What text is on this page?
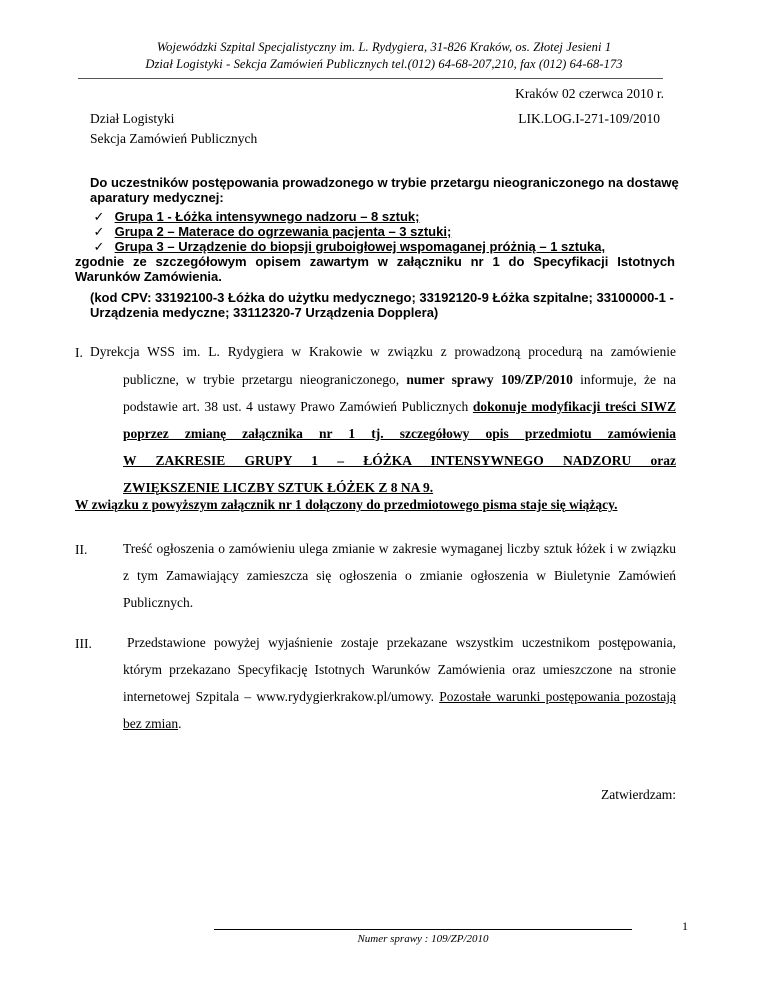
Wojewódzki Szpital Specjalistyczny im. L. Rydygiera, 31-826 Kraków, os. Złotej Jesieni 1
Dział Logistyki - Sekcja Zamówień Publicznych tel.(012) 64-68-207,210, fax (012) 64-68-173
Kraków 02 czerwca 2010 r.
Dział Logistyki	LIK.LOG.I-271-109/2010
Sekcja Zamówień Publicznych
Do uczestników postępowania prowadzonego w trybie przetargu nieograniczonego na dostawę
aparatury medycznej:
✓ Grupa 1 - Łóżka intensywnego nadzoru – 8 sztuk;
✓ Grupa 2 – Materace do ogrzewania pacjenta – 3 sztuki;
✓ Grupa 3 – Urządzenie do biopsji gruboigłowej wspomaganej próżnią – 1 sztuka,
zgodnie ze szczegółowym opisem zawartym w załączniku nr 1 do Specyfikacji Istotnych
Warunków Zamówienia.
(kod CPV: 33192100-3 Łóżka do użytku medycznego; 33192120-9 Łóżka szpitalne; 33100000-1 -
Urządzenia medyczne; 33112320-7 Urządzenia Dopplera)
I. Dyrekcja WSS im. L. Rydygiera w Krakowie w związku z prowadzoną procedurą na zamówienie
publiczne, w trybie przetargu nieograniczonego, numer sprawy 109/ZP/2010 informuje, że na
podstawie art. 38 ust. 4 ustawy Prawo Zamówień Publicznych dokonuje modyfikacji treści SIWZ
poprzez zmianę załącznika nr 1 tj. szczegółowy opis przedmiotu zamówienia
W ZAKRESIE GRUPY 1 – ŁÓŻKA INTENSYWNEGO NADZORU oraz
ZWIĘKSZENIE LICZBY SZTUK ŁÓŻEK Z 8 NA 9.
W związku z powyższym załącznik nr 1 dołączony do przedmiotowego pisma staje się wiążący.
II.	Treść ogłoszenia o zamówieniu ulega zmianie w zakresie wymaganej liczby sztuk łóżek i w związku
z tym Zamawiający zamieszcza się ogłoszenia o zmianie ogłoszenia w Biuletynie Zamówień
Publicznych.
III.	Przedstawione powyżej wyjaśnienie zostaje przekazane wszystkim uczestnikom postępowania,
którym przekazano Specyfikację Istotnych Warunków Zamówienia oraz umieszczone na stronie
internetowej Szpitala – www.rydygierkrakow.pl/umowy. Pozostałe warunki postępowania pozostają
bez zmian.
Zatwierdzam:
Numer sprawy : 109/ZP/2010
1
